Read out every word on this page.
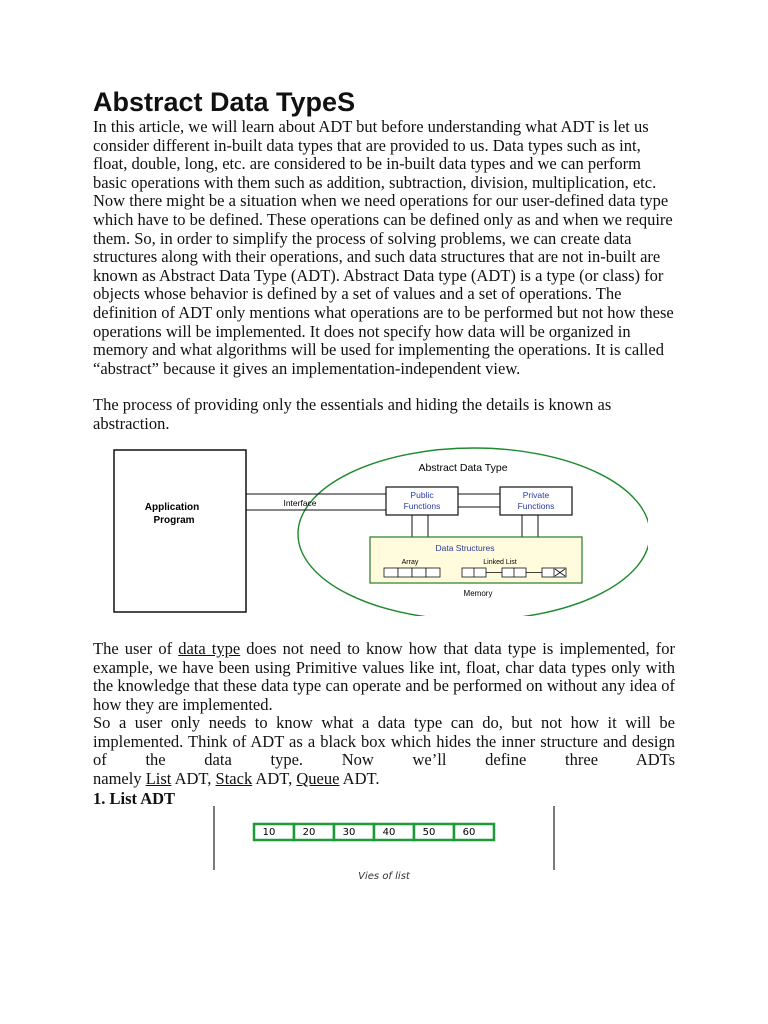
Abstract Data TypeS

In this article, we will learn about ADT but before understanding what ADT is let us consider different in-built data types that are provided to us. Data types such as int, float, double, long, etc. are considered to be in-built data types and we can perform basic operations with them such as addition, subtraction, division, multiplication, etc. Now there might be a situation when we need operations for our user-defined data type which have to be defined. These operations can be defined only as and when we require them. So, in order to simplify the process of solving problems, we can create data structures along with their operations, and such data structures that are not in-built are known as Abstract Data Type (ADT). Abstract Data type (ADT) is a type (or class) for objects whose behavior is defined by a set of values and a set of operations. The definition of ADT only mentions what operations are to be performed but not how these operations will be implemented. It does not specify how data will be organized in memory and what algorithms will be used for implementing the operations. It is called “abstract” because it gives an implementation-independent view.

The process of providing only the essentials and hiding the details is known as abstraction.

Application
Program
Abstract Data Type
Interface
Public
Functions
Private
Functions
Data Structures
Array	Linked List
Memory

The user of data type does not need to know how that data type is implemented, for example, we have been using Primitive values like int, float, char data types only with the knowledge that these data type can operate and be performed on without any idea of how they are implemented.

So a user only needs to know what a data type can do, but not how it will be implemented. Think of ADT as a black box which hides the inner structure and design of the data type. Now we’ll define three ADTs

namely List ADT, Stack ADT, Queue ADT.

1. List ADT

10	20	30	40	50	60
Vies of list
